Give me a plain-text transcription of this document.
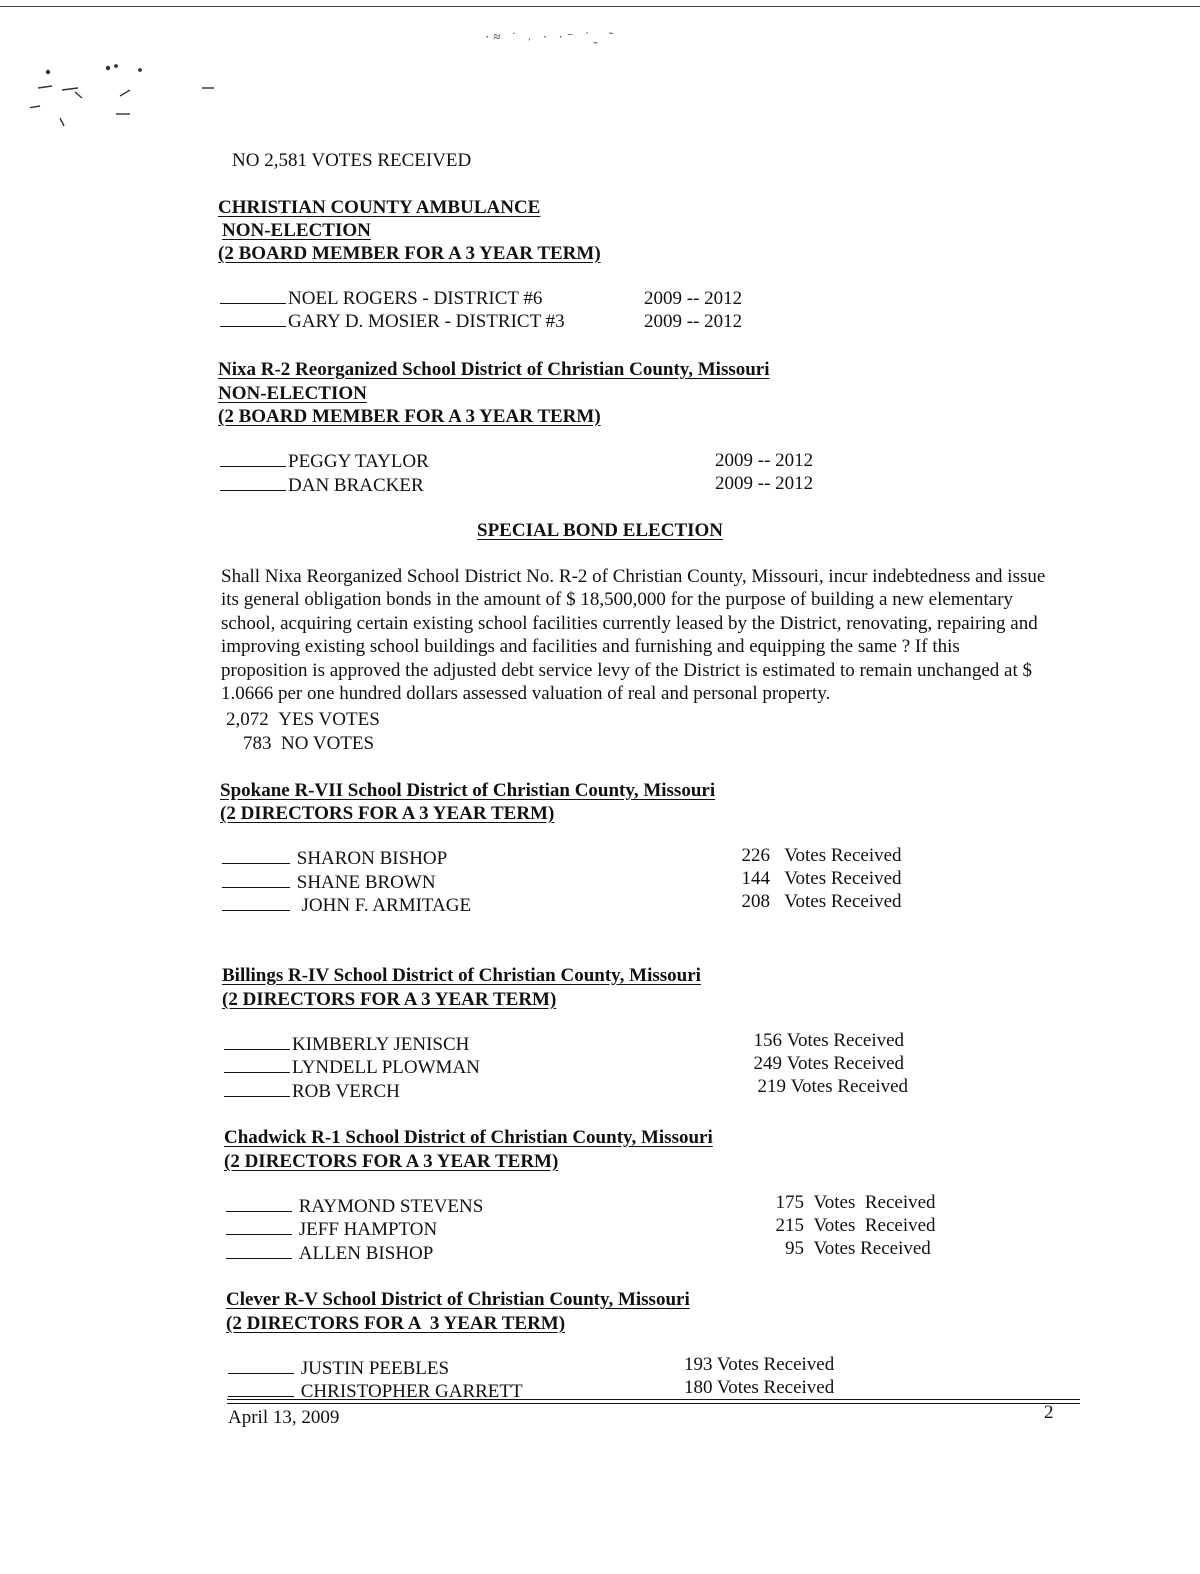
·≈ ˙ ˒ · ·⁻ ˈ˷ ˜
NO 2,581 VOTES RECEIVED
CHRISTIAN COUNTY AMBULANCE
NON-ELECTION
(2 BOARD MEMBER FOR A 3 YEAR TERM)
NOEL ROGERS - DISTRICT #6	2009 -- 2012
GARY D. MOSIER - DISTRICT #3	2009 -- 2012
Nixa R-2 Reorganized School District of Christian County, Missouri
NON-ELECTION
(2 BOARD MEMBER FOR A 3 YEAR TERM)
PEGGY TAYLOR	2009 -- 2012
DAN BRACKER	2009 -- 2012
SPECIAL BOND ELECTION
Shall Nixa Reorganized School District No. R-2 of Christian County, Missouri, incur indebtedness and issue its general obligation bonds in the amount of $ 18,500,000 for the purpose of building a new elementary school, acquiring certain existing school facilities currently leased by the District, renovating, repairing and improving existing school buildings and facilities and furnishing and equipping the same ? If this proposition is approved the adjusted debt service levy of the District is estimated to remain unchanged at $ 1.0666 per one hundred dollars assessed valuation of real and personal property.
2,072 YES VOTES
783 NO VOTES
Spokane R-VII School District of Christian County, Missouri
(2 DIRECTORS FOR A 3 YEAR TERM)
SHARON BISHOP	226 Votes Received
SHANE BROWN	144 Votes Received
JOHN F. ARMITAGE	208 Votes Received
Billings R-IV School District of Christian County, Missouri
(2 DIRECTORS FOR A 3 YEAR TERM)
KIMBERLY JENISCH	156 Votes Received
LYNDELL PLOWMAN	249 Votes Received
ROB VERCH	219 Votes Received
Chadwick R-1 School District of Christian County, Missouri
(2 DIRECTORS FOR A 3 YEAR TERM)
RAYMOND STEVENS	175 Votes  Received
JEFF HAMPTON	215 Votes  Received
ALLEN BISHOP	95 Votes Received
Clever R-V School District of Christian County, Missouri
(2 DIRECTORS FOR A  3 YEAR TERM)
JUSTIN PEEBLES	193 Votes Received
CHRISTOPHER GARRETT	180 Votes Received
April 13, 2009	2
